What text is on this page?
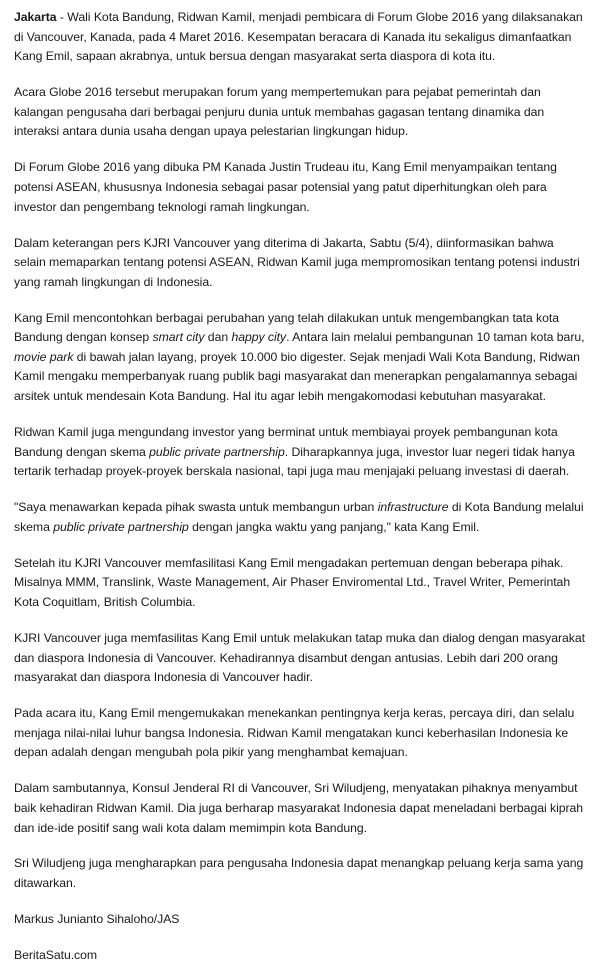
Jakarta - Wali Kota Bandung, Ridwan Kamil, menjadi pembicara di Forum Globe 2016 yang dilaksanakan di Vancouver, Kanada, pada 4 Maret 2016. Kesempatan beracara di Kanada itu sekaligus dimanfaatkan Kang Emil, sapaan akrabnya, untuk bersua dengan masyarakat serta diaspora di kota itu.

Acara Globe 2016 tersebut merupakan forum yang mempertemukan para pejabat pemerintah dan kalangan pengusaha dari berbagai penjuru dunia untuk membahas gagasan tentang dinamika dan interaksi antara dunia usaha dengan upaya pelestarian lingkungan hidup.

Di Forum Globe 2016 yang dibuka PM Kanada Justin Trudeau itu, Kang Emil menyampaikan tentang potensi ASEAN, khususnya Indonesia sebagai pasar potensial yang patut diperhitungkan oleh para investor dan pengembang teknologi ramah lingkungan.

Dalam keterangan pers KJRI Vancouver yang diterima di Jakarta, Sabtu (5/4), diinformasikan bahwa selain memaparkan tentang potensi ASEAN, Ridwan Kamil juga mempromosikan tentang potensi industri yang ramah lingkungan di Indonesia.

Kang Emil mencontohkan berbagai perubahan yang telah dilakukan untuk mengembangkan tata kota Bandung dengan konsep smart city dan happy city. Antara lain melalui pembangunan 10 taman kota baru, movie park di bawah jalan layang, proyek 10.000 bio digester. Sejak menjadi Wali Kota Bandung, Ridwan Kamil mengaku memperbanyak ruang publik bagi masyarakat dan menerapkan pengalamannya sebagai arsitek untuk mendesain Kota Bandung. Hal itu agar lebih mengakomodasi kebutuhan masyarakat.

Ridwan Kamil juga mengundang investor yang berminat untuk membiayai proyek pembangunan kota Bandung dengan skema public private partnership. Diharapkannya juga, investor luar negeri tidak hanya tertarik terhadap proyek-proyek berskala nasional, tapi juga mau menjajaki peluang investasi di daerah.

"Saya menawarkan kepada pihak swasta untuk membangun urban infrastructure di Kota Bandung melalui skema public private partnership dengan jangka waktu yang panjang," kata Kang Emil.

Setelah itu KJRI Vancouver memfasilitasi Kang Emil mengadakan pertemuan dengan beberapa pihak. Misalnya MMM, Translink, Waste Management, Air Phaser Enviromental Ltd., Travel Writer, Pemerintah Kota Coquitlam, British Columbia.

KJRI Vancouver juga memfasilitas Kang Emil untuk melakukan tatap muka dan dialog dengan masyarakat dan diaspora Indonesia di Vancouver. Kehadirannya disambut dengan antusias. Lebih dari 200 orang masyarakat dan diaspora Indonesia di Vancouver hadir.

Pada acara itu, Kang Emil mengemukakan menekankan pentingnya kerja keras, percaya diri, dan selalu menjaga nilai-nilai luhur bangsa Indonesia. Ridwan Kamil mengatakan kunci keberhasilan Indonesia ke depan adalah dengan mengubah pola pikir yang menghambat kemajuan.

Dalam sambutannya, Konsul Jenderal RI di Vancouver, Sri Wiludjeng, menyatakan pihaknya menyambut baik kehadiran Ridwan Kamil. Dia juga berharap masyarakat Indonesia dapat meneladani berbagai kiprah dan ide-ide positif sang wali kota dalam memimpin kota Bandung.

Sri Wiludjeng juga mengharapkan para pengusaha Indonesia dapat menangkap peluang kerja sama yang ditawarkan.

Markus Junianto Sihaloho/JAS

BeritaSatu.com
